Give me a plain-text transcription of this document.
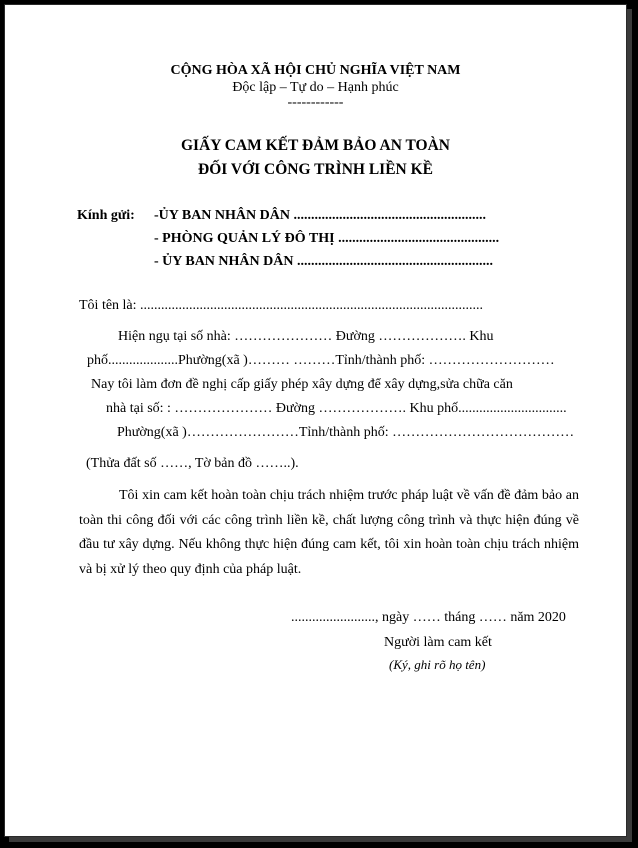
CỘNG HÒA XÃ HỘI CHỦ NGHĨA VIỆT NAM
Độc lập – Tự do – Hạnh phúc
------------
GIẤY CAM KẾT ĐẢM BẢO AN TOÀN
ĐỐI VỚI CÔNG TRÌNH LIỀN KỀ
Kính gửi: -ỦY BAN NHÂN DÂN .......................................................
- PHÒNG QUẢN LÝ ĐÔ THỊ ..............................................
- ỦY BAN NHÂN DÂN ........................................................
Tôi tên là: ..................................................................................................
Hiện ngụ tại số nhà: ………………… Đường ………………. Khu
phố....................Phường(xã )……… ………Tỉnh/thành phố: ………………………
Nay tôi làm đơn đề nghị cấp giấy phép xây dựng để xây dựng,sửa chữa căn
nhà tại số: : ………………… Đường ………………. Khu phố...............................
Phường(xã )……………………Tỉnh/thành phố: …………………………………
(Thửa đất số ……, Tờ bản đồ ……..).
Tôi xin cam kết hoàn toàn chịu trách nhiệm trước pháp luật về vấn đề đảm bảo an toàn thi công đối với các công trình liền kề, chất lượng công trình và thực hiện đúng về đầu tư xây dựng. Nếu không thực hiện đúng cam kết, tôi xin hoàn toàn chịu trách nhiệm và bị xử lý theo quy định của pháp luật.
........................, ngày …… tháng …… năm 2020
Người làm cam kết
(Ký, ghi rõ họ tên)
